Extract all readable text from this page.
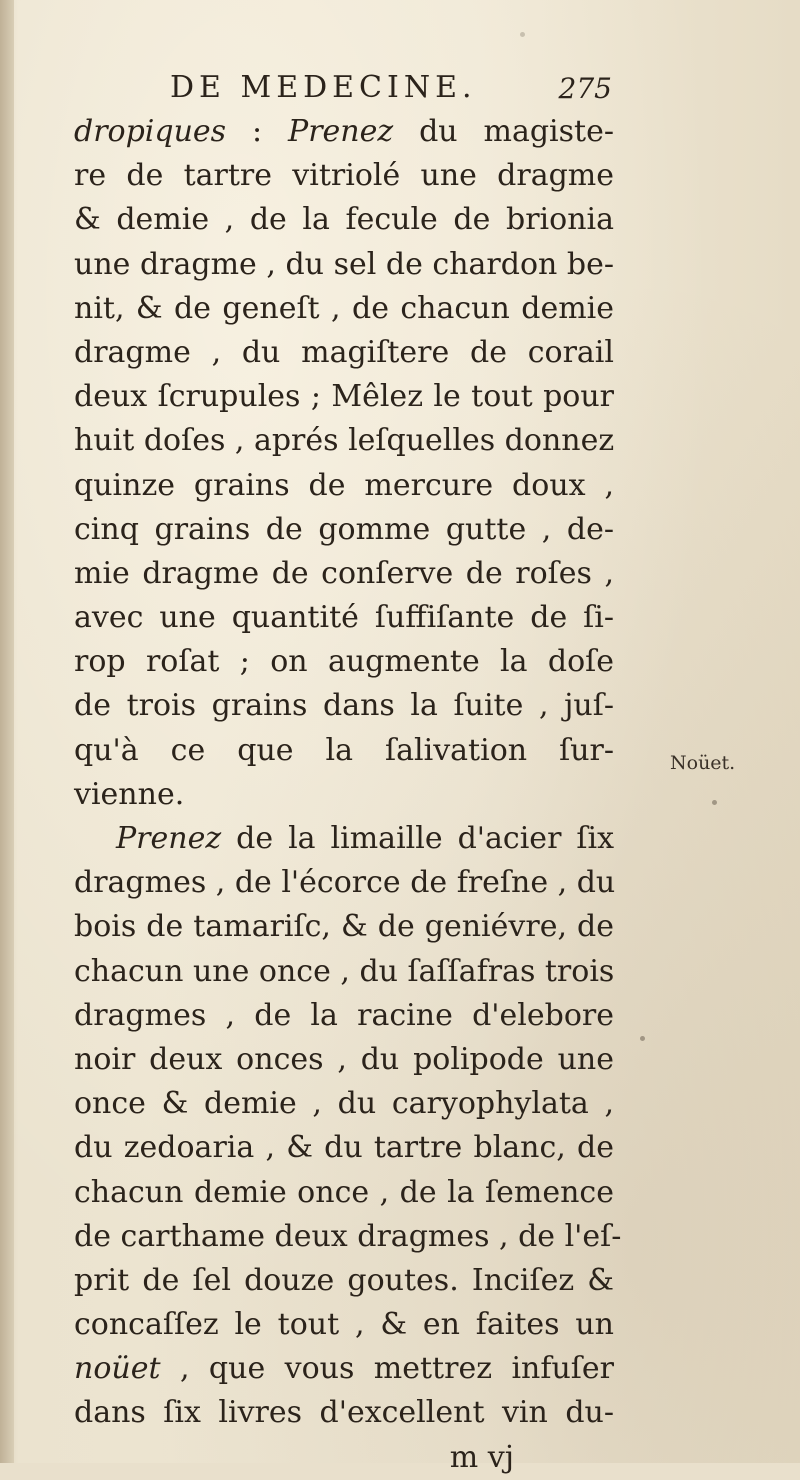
DE MEDECINE.	275
dropiques : Prenez du magiste-
re de tartre vitriolé une dragme
& demie , de la fecule de brionia
une dragme , du sel de chardon be-
nit, & de geneſt , de chacun demie
dragme , du magiſtere de corail
deux ſcrupules ; Mêlez le tout pour
huit doſes , aprés leſquelles donnez
quinze grains de mercure doux ,
cinq grains de gomme gutte , de-
mie dragme de conſerve de roſes ,
avec une quantité ſuffiſante de ſi-
rop roſat ; on augmente la doſe
de trois grains dans la ſuite , juſ-
qu'à ce que la ſalivation ſur-
vienne.
Prenez de la limaille d'acier ſix
dragmes , de l'écorce de freſne , du
bois de tamariſc, & de geniévre, de
chacun une once , du ſaſſafras trois
dragmes , de la racine d'elebore
noir deux onces , du polipode une
once & demie , du caryophylata ,
du zedoaria , & du tartre blanc, de
chacun demie once , de la ſemence
de carthame deux dragmes , de l'eſ-
prit de ſel douze goutes. Inciſez &
concaſſez le tout , & en faites un
noüet , que vous mettrez infuſer
dans ſix livres d'excellent vin du-
m vj
Noüet.
